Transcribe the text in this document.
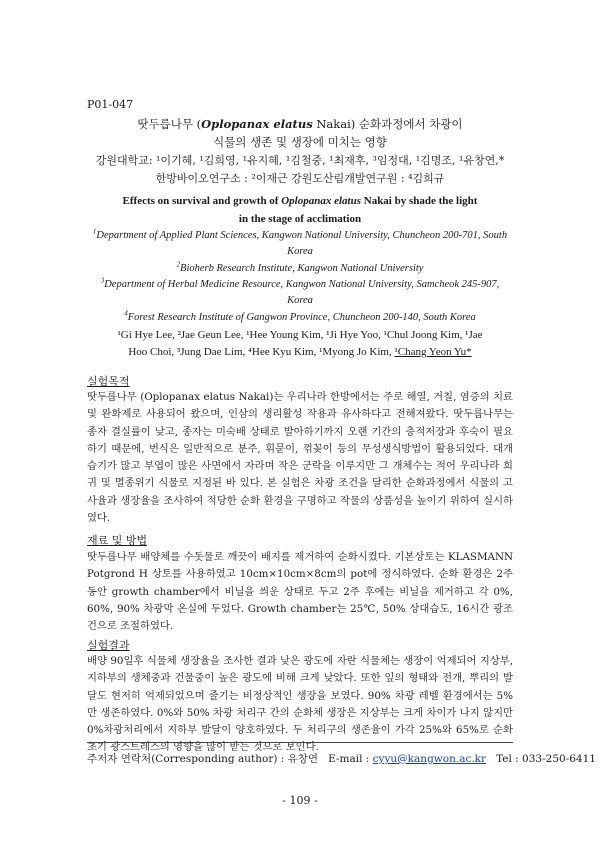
P01-047
땃두릅나무 (Oplopanax elatus Nakai) 순화과정에서 차광이
식물의 생존 및 생장에 미치는 영향
강원대학교: ¹이기혜, ¹김희영, ¹유지혜, ¹김철중, ¹최재후, ³임정대, ¹김명조, ¹유창연,*
한방바이오연구소 : ²이재근 강원도산림개발연구원 : ⁴김희규
Effects on survival and growth of Oplopanax elatus Nakai by shade the light
in the stage of acclimation
$^1$Department of Applied Plant Sciences, Kangwon National University, Chuncheon 200-701, South
Korea
$^2$Bioherb Research Institute, Kangwon National University
$^3$Department of Herbal Medicine Resource, Kangwon National University, Samcheok 245-907,
Korea
$^4$Forest Research Institute of Gangwon Province, Chuncheon 200-140, South Korea
¹Gi Hye Lee, ²Jae Geun Lee, ¹Hee Young Kim, ¹Ji Hye Yoo, ¹Chul Joong Kim, ¹Jae
Hoo Choi, ³Jung Dae Lim, ⁴Hee Kyu Kim, ¹Myong Jo Kim, ¹Chang Yeon Yu*
실험목적
땃두릅나무 (Oplopanax elatus Nakai)는 우리나라 한방에서는 주로 해열, 거칠, 염증의 치료 및 완화제로 사용되어 왔으며, 인삼의 생리활성 작용과 유사하다고 전해져왔다. 땃두릅나무는 종자 결실률이 낮고, 종자는 미숙배 상태로 발아하기까지 오랜 기간의 층적저장과 후숙이 필요하기 때문에, 번식은 일반적으로 분주, 휘묻이, 꺾꽂이 등의 무성생식방법이 활용되었다. 대개 습기가 많고 부엽이 많은 사면에서 자라며 작은 군락을 이루지만 그 개체수는 적어 우리나라 희귀 및 멸종위기 식물로 지정된 바 있다. 본 실험은 차광 조건을 달리한 순화과정에서 식물의 고사율과 생장율을 조사하여 적당한 순화 환경을 구명하고 작물의 상품성을 높이기 위하여 실시하였다.
재료 및 방법
땃두릅나무 배양체를 수돗물로 깨끗이 배지를 제거하여 순화시켰다. 기본상토는 KLASMANN Potgrond H 상토를 사용하였고 10cm×10cm×8cm의 pot에 정식하였다. 순화 환경은 2주 동안 growth chamber에서 비닐을 씌운 상태로 두고 2주 후에는 비닐을 제거하고 각 0%, 60%, 90% 차광막 온실에 두었다. Growth chamber는 25℃, 50% 상대습도, 16시간 광조건으로 조절하였다.
실험결과
배양 90일후 식물체 생장율을 조사한 결과 낮은 광도에 자란 식물체는 생장이 억제되어 지상부, 지하부의 생체중과 건물중이 높은 광도에 비해 크게 낮았다. 또한 잎의 형태와 전개, 뿌리의 발달도 현저히 억제되었으며 줄기는 비정상적인 생장을 보였다. 90% 차광 레벨 환경에서는 5%만 생존하였다. 0%와 50% 차광 처리구 간의 순화체 생장은 지상부는 크게 차이가 나지 않지만 0%차광처리에서 지하부 발달이 양호하였다. 두 처리구의 생존율이 가각 25%와 65%로 순화 초기 광스트레스의 영향을 많이 받는 것으로 보인다.
주저자 연락처(Corresponding author) : 유창연 E-mail : cyyu@kangwon.ac.kr Tel : 033-250-6411
- 109 -
